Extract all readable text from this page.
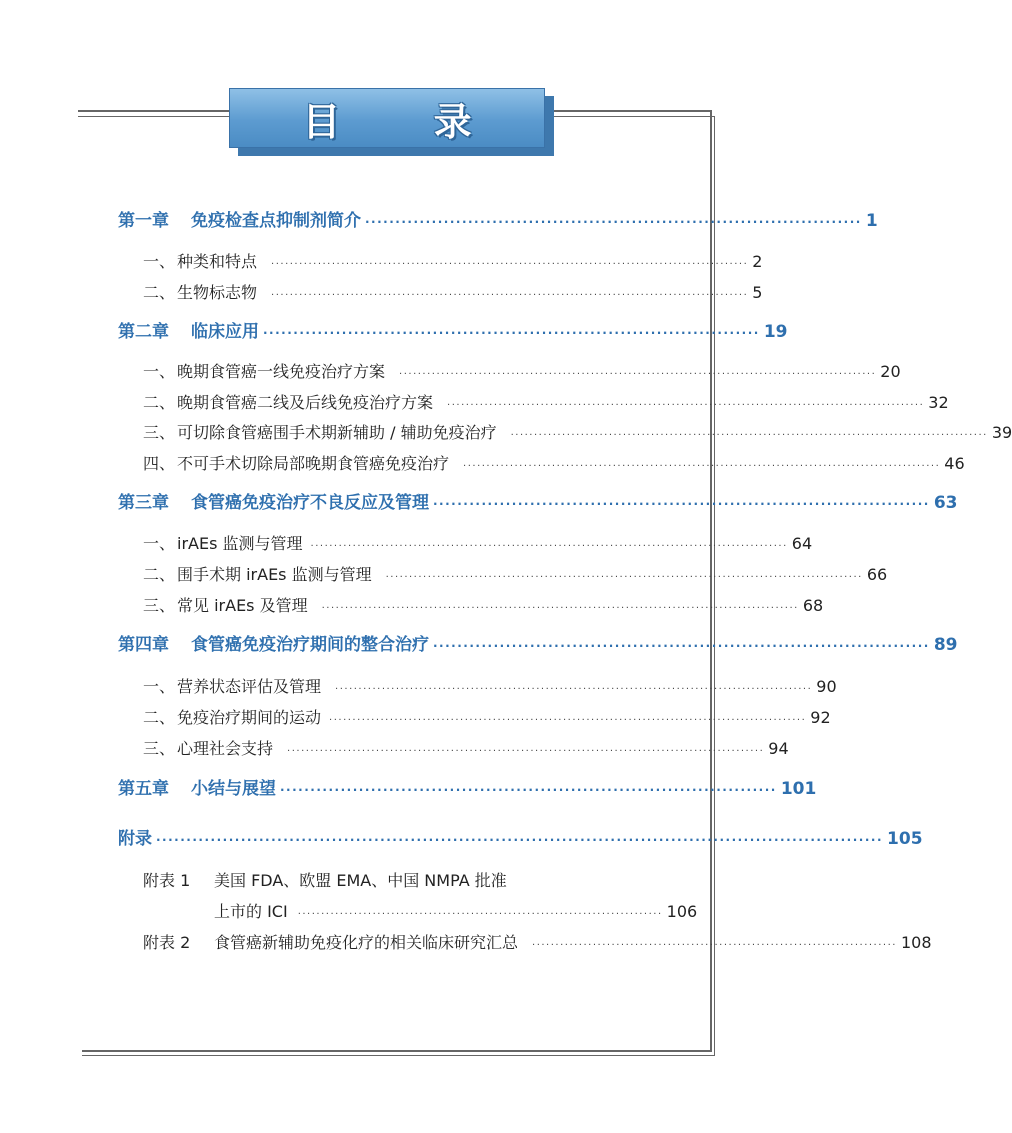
目 录
第一章 免疫检查点抑制剂简介 ·················································································· 1
一、 种类和特点 ······································································································ 2
二、 生物标志物 ······································································································ 5
第二章 临床应用 ·················································································· 19
一、 晚期食管癌一线免疫治疗方案 ······································································································ 20
二、 晚期食管癌二线及后线免疫治疗方案 ······································································································ 32
三、 可切除食管癌围手术期新辅助 / 辅助免疫治疗 ······································································································ 39
四、 不可手术切除局部晚期食管癌免疫治疗 ······································································································ 46
第三章 食管癌免疫治疗不良反应及管理 ·················································································· 63
一、 irAEs 监测与管理 ······································································································ 64
二、 围手术期 irAEs 监测与管理 ······································································································ 66
三、 常见 irAEs 及管理 ······································································································ 68
第四章 食管癌免疫治疗期间的整合治疗 ·················································································· 89
一、 营养状态评估及管理 ······································································································ 90
二、 免疫治疗期间的运动 ······································································································ 92
三、 心理社会支持 ······································································································ 94
第五章 小结与展望 ·················································································· 101
附录 ························································································································ 105
附表 1 美国 FDA、欧盟 EMA、中国 NMPA 批准
上市的 ICI ·············································································· 106
附表 2 食管癌新辅助免疫化疗的相关临床研究汇总 ·············································································· 108
